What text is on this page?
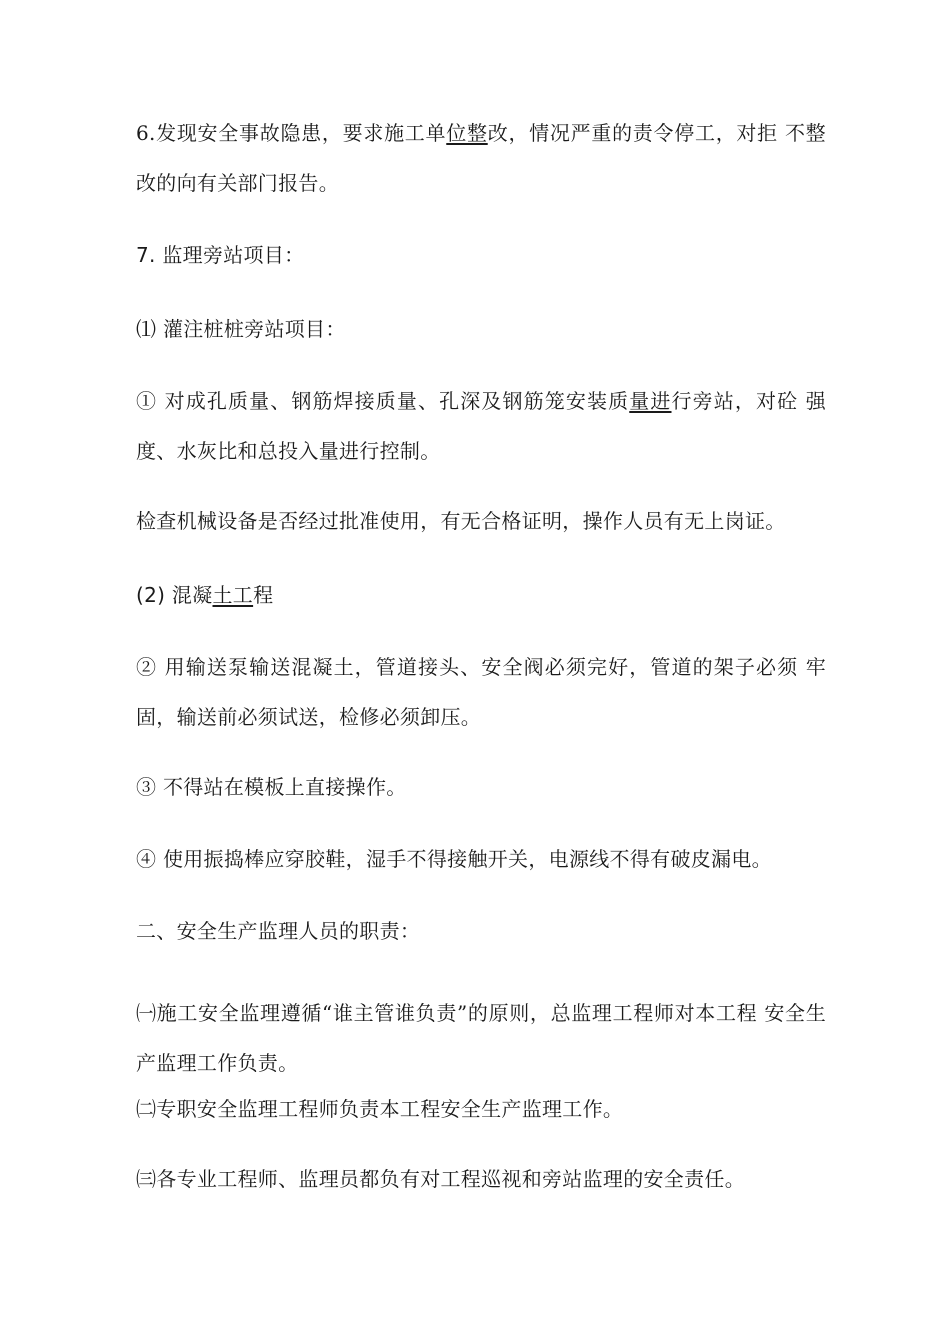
6.发现安全事故隐患，要求施工单位整改，情况严重的责令停工，对拒 不整改的向有关部门报告。
7. 监理旁站项目：
⑴ 灌注桩桩旁站项目：
① 对成孔质量、钢筋焊接质量、孔深及钢筋笼安装质量进行旁站，对砼 强度、水灰比和总投入量进行控制。
检查机械设备是否经过批准使用，有无合格证明，操作人员有无上岗证。
(2) 混凝土工程
② 用输送泵输送混凝土，管道接头、安全阀必须完好，管道的架子必须 牢固，输送前必须试送，检修必须卸压。
③ 不得站在模板上直接操作。
④ 使用振捣棒应穿胶鞋，湿手不得接触开关，电源线不得有破皮漏电。
二、安全生产监理人员的职责：
㈠施工安全监理遵循“谁主管谁负责”的原则，总监理工程师对本工程 安全生产监理工作负责。
㈡专职安全监理工程师负责本工程安全生产监理工作。
㈢各专业工程师、监理员都负有对工程巡视和旁站监理的安全责任。
